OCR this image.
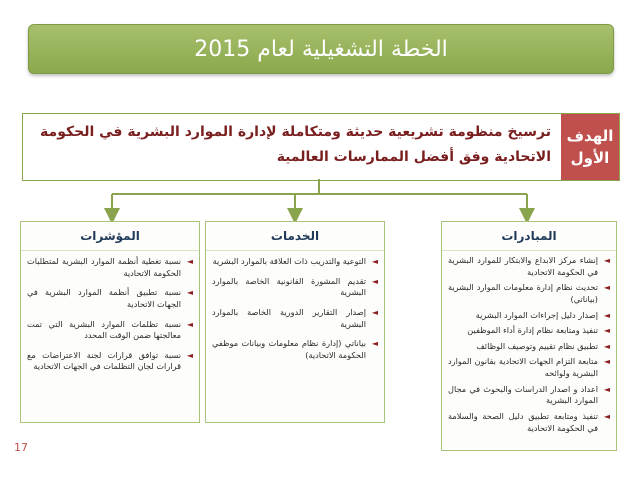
الخطة التشغيلية لعام 2015
الهدف
الأول
ترسيخ منظومة تشريعية حديثة ومتكاملة لإدارة الموارد البشرية في الحكومة الاتحادية وفق أفضل الممارسات العالمية
المبادرات
◄ إنشاء مركز الابداع والابتكار للموارد البشرية في الحكومة الاتحادية
◄ تحديث نظام إدارة معلومات الموارد البشرية (بياناتي)
◄ إصدار دليل إجراءات الموارد البشرية
◄ تنفيذ ومتابعة نظام إدارة أداء الموظفين
◄ تطبيق نظام تقييم وتوصيف الوظائف
◄ متابعة التزام الجهات الاتحادية بقانون الموارد البشرية ولوائحه
◄ اعداد و اصدار الدراسات والبحوث في مجال الموارد البشرية
◄ تنفيذ ومتابعة تطبيق دليل الصحة والسلامة في الحكومة الاتحادية
الخدمات
◄ التوعية والتدريب ذات العلاقة بالموارد البشرية
◄ تقديم المشورة القانونية الخاصة بالموارد البشرية
◄ إصدار التقارير الدورية الخاصة بالموارد البشرية
◄ بياناتي (إدارة نظام معلومات وبيانات موظفي الحكومة الاتحادية)
المؤشرات
◄ نسبة تغطية أنظمة الموارد البشرية لمتطلبات الحكومة الاتحادية
◄ نسبة تطبيق أنظمة الموارد البشرية في الجهات الاتحادية
◄ نسبة تظلمات الموارد البشرية التي تمت معالجتها ضمن الوقت المحدد
◄ نسبة توافق قرارات لجنة الاعتراضات مع قرارات لجان التظلمات في الجهات الاتحادية
17
